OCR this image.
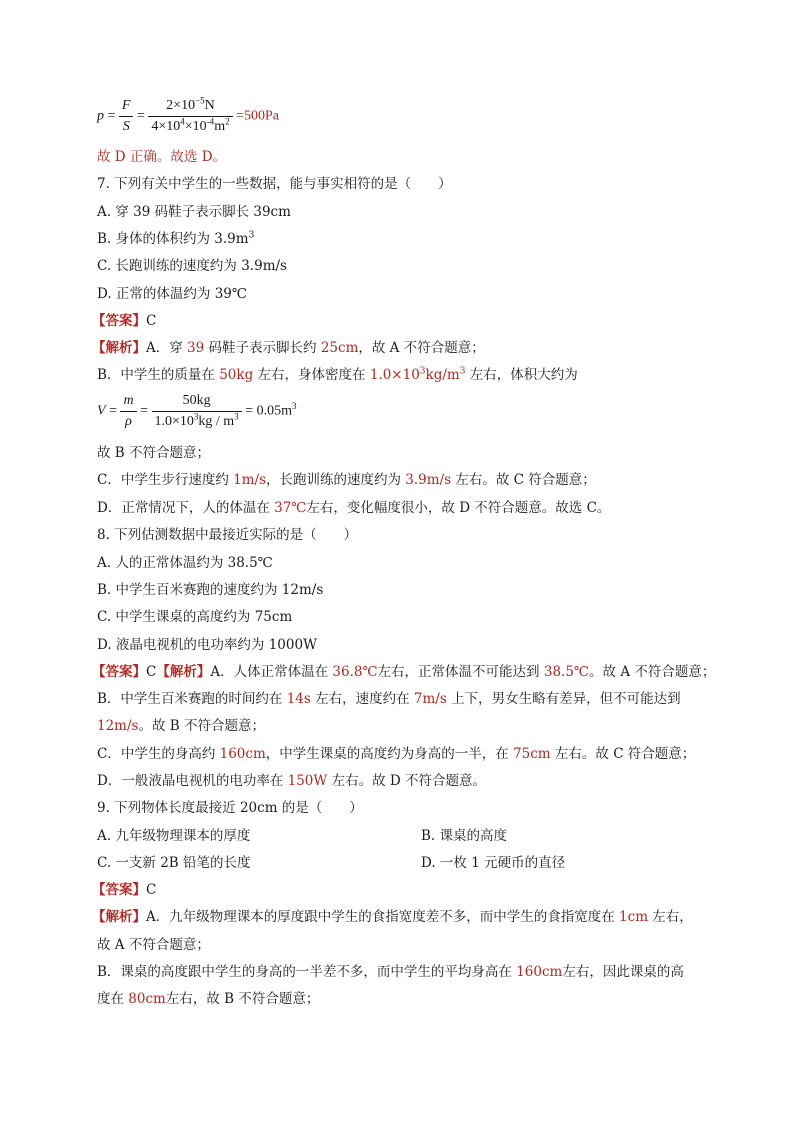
$p = \frac{F}{S} = \frac{2\times 10^{-5}N}{4\times 10^4\times 10^{-4}m^2} =500Pa$
故 D 正确。故选 D。
7. 下列有关中学生的一些数据，能与事实相符的是（　　）
A. 穿 39 码鞋子表示脚长 39cm
B. 身体的体积约为 $3.9m^3$
C. 长跑训练的速度约为 3.9m/s
D. 正常的体温约为 39℃
【答案】C
【解析】A．穿 39 码鞋子表示脚长约 25cm，故 A 不符合题意；
B．中学生的质量在 50kg 左右，身体密度在 $1.0\times 10^3kg/m^3$ 左右，体积大约为
$V = \frac{m}{\rho} = \frac{50kg}{1.0\times 10^3kg / m^3} = 0.05m^3$
故 B 不符合题意；
C．中学生步行速度约 1m/s，长跑训练的速度约为 3.9m/s 左右。故 C 符合题意；
D．正常情况下，人的体温在 37℃左右，变化幅度很小，故 D 不符合题意。故选 C。
8. 下列估测数据中最接近实际的是（　　）
A. 人的正常体温约为 38.5℃
B. 中学生百米赛跑的速度约为 12m/s
C. 中学生课桌的高度约为 75cm
D. 液晶电视机的电功率约为 1000W
【答案】C【解析】A．人体正常体温在 36.8℃左右，正常体温不可能达到 38.5℃。故 A 不符合题意；
B．中学生百米赛跑的时间约在 14s 左右，速度约在 7m/s 上下，男女生略有差异，但不可能达到
12m/s。故 B 不符合题意；
C．中学生的身高约 160cm，中学生课桌的高度约为身高的一半，在 75cm 左右。故 C 符合题意；
D．一般液晶电视机的电功率在 150W 左右。故 D 不符合题意。
9. 下列物体长度最接近 20cm 的是（　　）
A. 九年级物理课本的厚度	B. 课桌的高度
C. 一支新 2B 铅笔的长度	D. 一枚 1 元硬币的直径
【答案】C
【解析】A．九年级物理课本的厚度跟中学生的食指宽度差不多，而中学生的食指宽度在 1cm 左右，
故 A 不符合题意；
B．课桌的高度跟中学生的身高的一半差不多，而中学生的平均身高在 160cm左右，因此课桌的高
度在 80cm左右，故 B 不符合题意；
